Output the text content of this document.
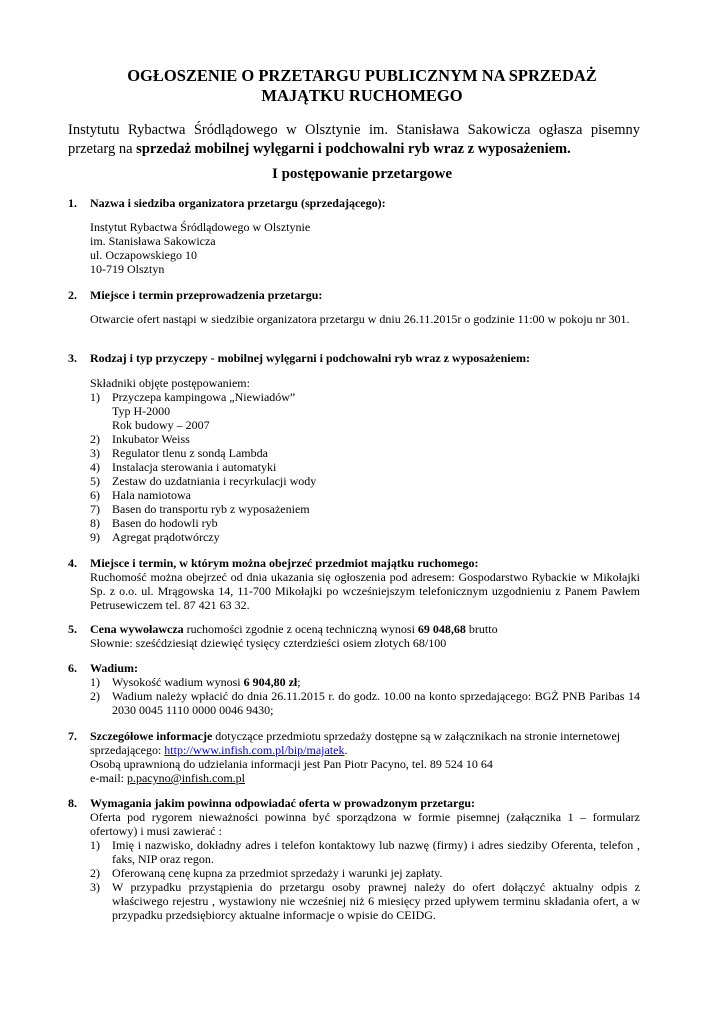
OGŁOSZENIE O PRZETARGU PUBLICZNYM NA SPRZEDAŻ
MAJĄTKU RUCHOMEGO
Instytutu Rybactwa Śródlądowego w Olsztynie im. Stanisława Sakowicza ogłasza pisemny przetarg na sprzedaż mobilnej wylęgarni i podchowalni ryb wraz z wyposażeniem.
I postępowanie przetargowe
1. Nazwa i siedziba organizatora przetargu (sprzedającego):
Instytut Rybactwa Śródlądowego w Olsztynie
im. Stanisława Sakowicza
ul. Oczapowskiego 10
10-719 Olsztyn
2. Miejsce i termin przeprowadzenia przetargu:
Otwarcie ofert nastąpi w siedzibie organizatora przetargu w dniu 26.11.2015r o godzinie 11:00 w pokoju nr 301.
3. Rodzaj i typ przyczepy - mobilnej wylęgarni i podchowalni ryb wraz z wyposażeniem:
Składniki objęte postępowaniem:
1) Przyczepa kampingowa „Niewiadów”
Typ H-2000
Rok budowy – 2007
2) Inkubator Weiss
3) Regulator tlenu z sondą Lambda
4) Instalacja sterowania i automatyki
5) Zestaw do uzdatniania i recyrkulacji wody
6) Hala namiotowa
7) Basen do transportu ryb z wyposażeniem
8) Basen do hodowli ryb
9) Agregat prądotwórczy
4. Miejsce i termin, w którym można obejrzeć przedmiot majątku ruchomego:
Ruchomość można obejrzeć od dnia ukazania się ogłoszenia pod adresem: Gospodarstwo Rybackie w Mikołajki Sp. z o.o. ul. Mrągowska 14, 11-700 Mikołajki po wcześniejszym telefonicznym uzgodnieniu z Panem Pawłem Petrusewiczem tel. 87 421 63 32.
5. Cena wywoławcza ruchomości zgodnie z oceną techniczną wynosi 69 048,68 brutto
Słownie: sześćdziesiąt dziewięć tysięcy czterdzieści osiem złotych 68/100
6. Wadium:
1) Wysokość wadium wynosi 6 904,80 zł;
2) Wadium należy wpłacić do dnia 26.11.2015 r. do godz. 10.00 na konto sprzedającego: BGŻ PNB Paribas 14 2030 0045 1110 0000 0046 9430;
7. Szczegółowe informacje dotyczące przedmiotu sprzedaży dostępne są w załącznikach na stronie internetowej
sprzedającego: http://www.infish.com.pl/bip/majatek.
Osobą uprawnioną do udzielania informacji jest Pan Piotr Pacyno, tel. 89 524 10 64
e-mail: p.pacyno@infish.com.pl
8. Wymagania jakim powinna odpowiadać oferta w prowadzonym przetargu:
Oferta pod rygorem nieważności powinna być sporządzona w formie pisemnej (załącznika 1 – formularz ofertowy) i musi zawierać :
1) Imię i nazwisko, dokładny adres i telefon kontaktowy lub nazwę (firmy) i adres siedziby Oferenta, telefon , faks, NIP oraz regon.
2) Oferowaną cenę kupna za przedmiot sprzedaży i warunki jej zapłaty.
3) W przypadku przystąpienia do przetargu osoby prawnej należy do ofert dołączyć aktualny odpis z właściwego rejestru , wystawiony nie wcześniej niż 6 miesięcy przed upływem terminu składania ofert, a w przypadku przedsiębiorcy aktualne informacje o wpisie do CEIDG.
